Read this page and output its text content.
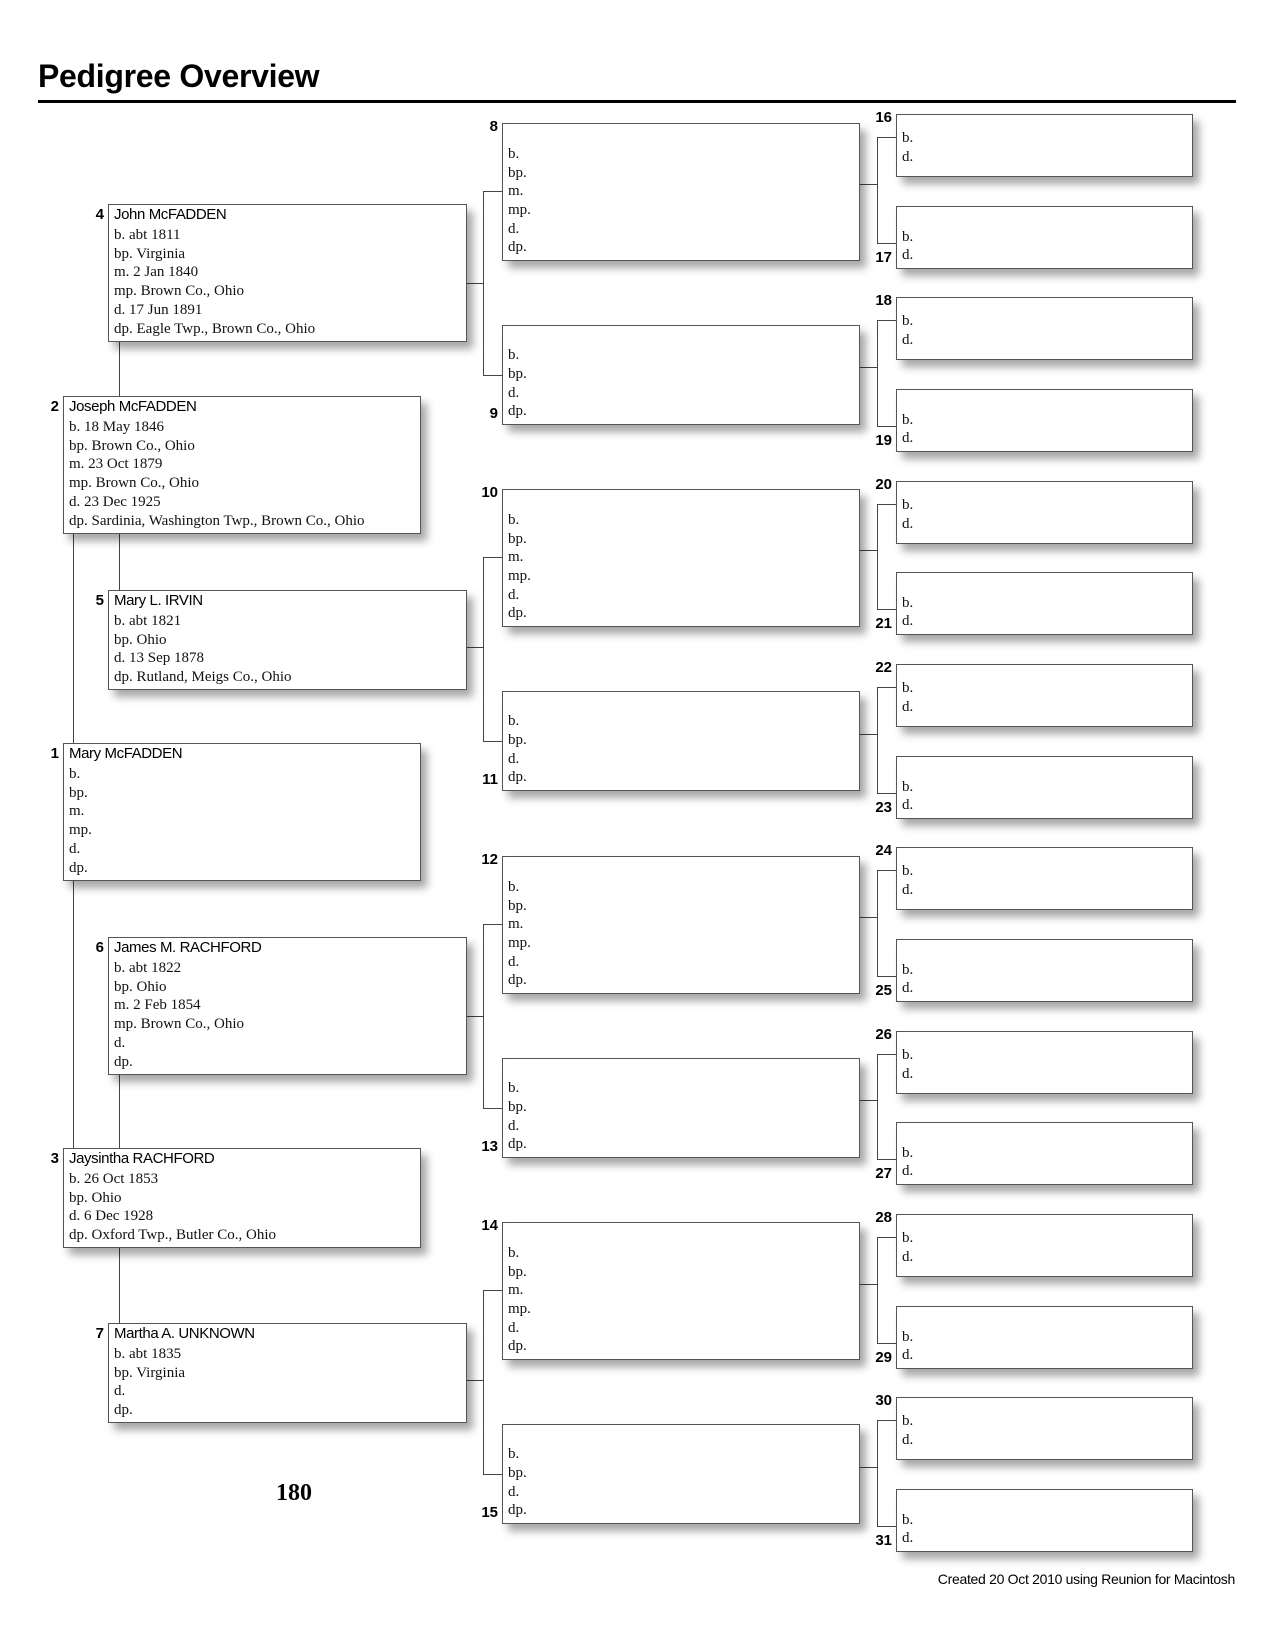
Pedigree Overview
Mary McFADDEN
b.
bp.
m.
mp.
d.
dp.
1
Joseph McFADDEN
b. 18 May 1846
bp. Brown Co., Ohio
m. 23 Oct 1879
mp. Brown Co., Ohio
d. 23 Dec 1925
dp. Sardinia, Washington Twp., Brown Co., Ohio
2
Jaysintha RACHFORD
b. 26 Oct 1853
bp. Ohio
d. 6 Dec 1928
dp. Oxford Twp., Butler Co., Ohio
3
John McFADDEN
b. abt 1811
bp. Virginia
m. 2 Jan 1840
mp. Brown Co., Ohio
d. 17 Jun 1891
dp. Eagle Twp., Brown Co., Ohio
4
Mary L. IRVIN
b. abt 1821
bp. Ohio
d. 13 Sep 1878
dp. Rutland, Meigs Co., Ohio
5
James M. RACHFORD
b. abt 1822
bp. Ohio
m. 2 Feb 1854
mp. Brown Co., Ohio
d.
dp.
6
Martha A. UNKNOWN
b. abt 1835
bp. Virginia
d.
dp.
7
b.
bp.
m.
mp.
d.
dp.
8
b.
bp.
d.
dp.
9
b.
bp.
m.
mp.
d.
dp.
10
b.
bp.
d.
dp.
11
b.
bp.
m.
mp.
d.
dp.
12
b.
bp.
d.
dp.
13
b.
bp.
m.
mp.
d.
dp.
14
b.
bp.
d.
dp.
15
b.
d.
16
b.
d.
17
b.
d.
18
b.
d.
19
b.
d.
20
b.
d.
21
b.
d.
22
b.
d.
23
b.
d.
24
b.
d.
25
b.
d.
26
b.
d.
27
b.
d.
28
b.
d.
29
b.
d.
30
b.
d.
31
180
Created 20 Oct 2010 using Reunion for Macintosh
